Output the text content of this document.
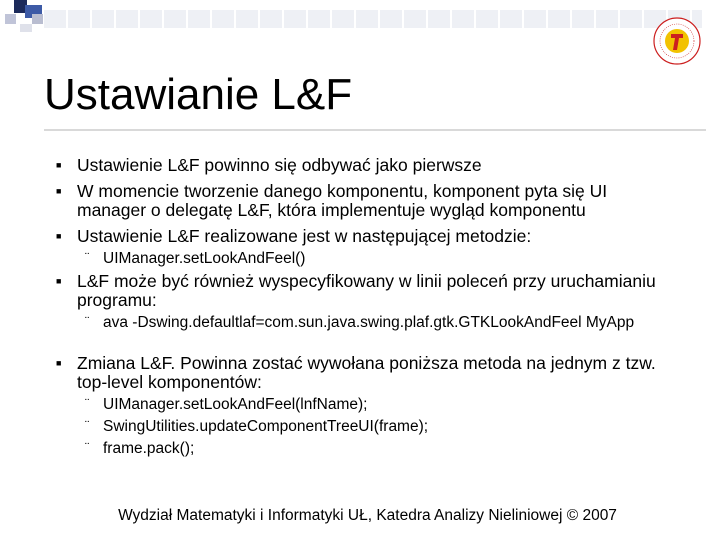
Ustawianie L&F
■ Ustawienie L&F powinno się odbywać jako pierwsze
■ W momencie tworzenie danego komponentu, komponent pyta się UI manager o delegatę L&F, która implementuje wygląd komponentu
■ Ustawienie L&F realizowane jest w następującej metodzie:
¨ UIManager.setLookAndFeel()
■ L&F może być również wyspecyfikowany w linii poleceń przy uruchamianiu programu:
¨ ava -Dswing.defaultlaf=com.sun.java.swing.plaf.gtk.GTKLookAndFeel MyApp
■ Zmiana L&F. Powinna zostać wywołana poniższa metoda na jednym z tzw. top-level komponentów:
¨ UIManager.setLookAndFeel(lnfName);
¨ SwingUtilities.updateComponentTreeUI(frame);
¨ frame.pack();
Wydział Matematyki i Informatyki UŁ, Katedra Analizy Nieliniowej © 2007
